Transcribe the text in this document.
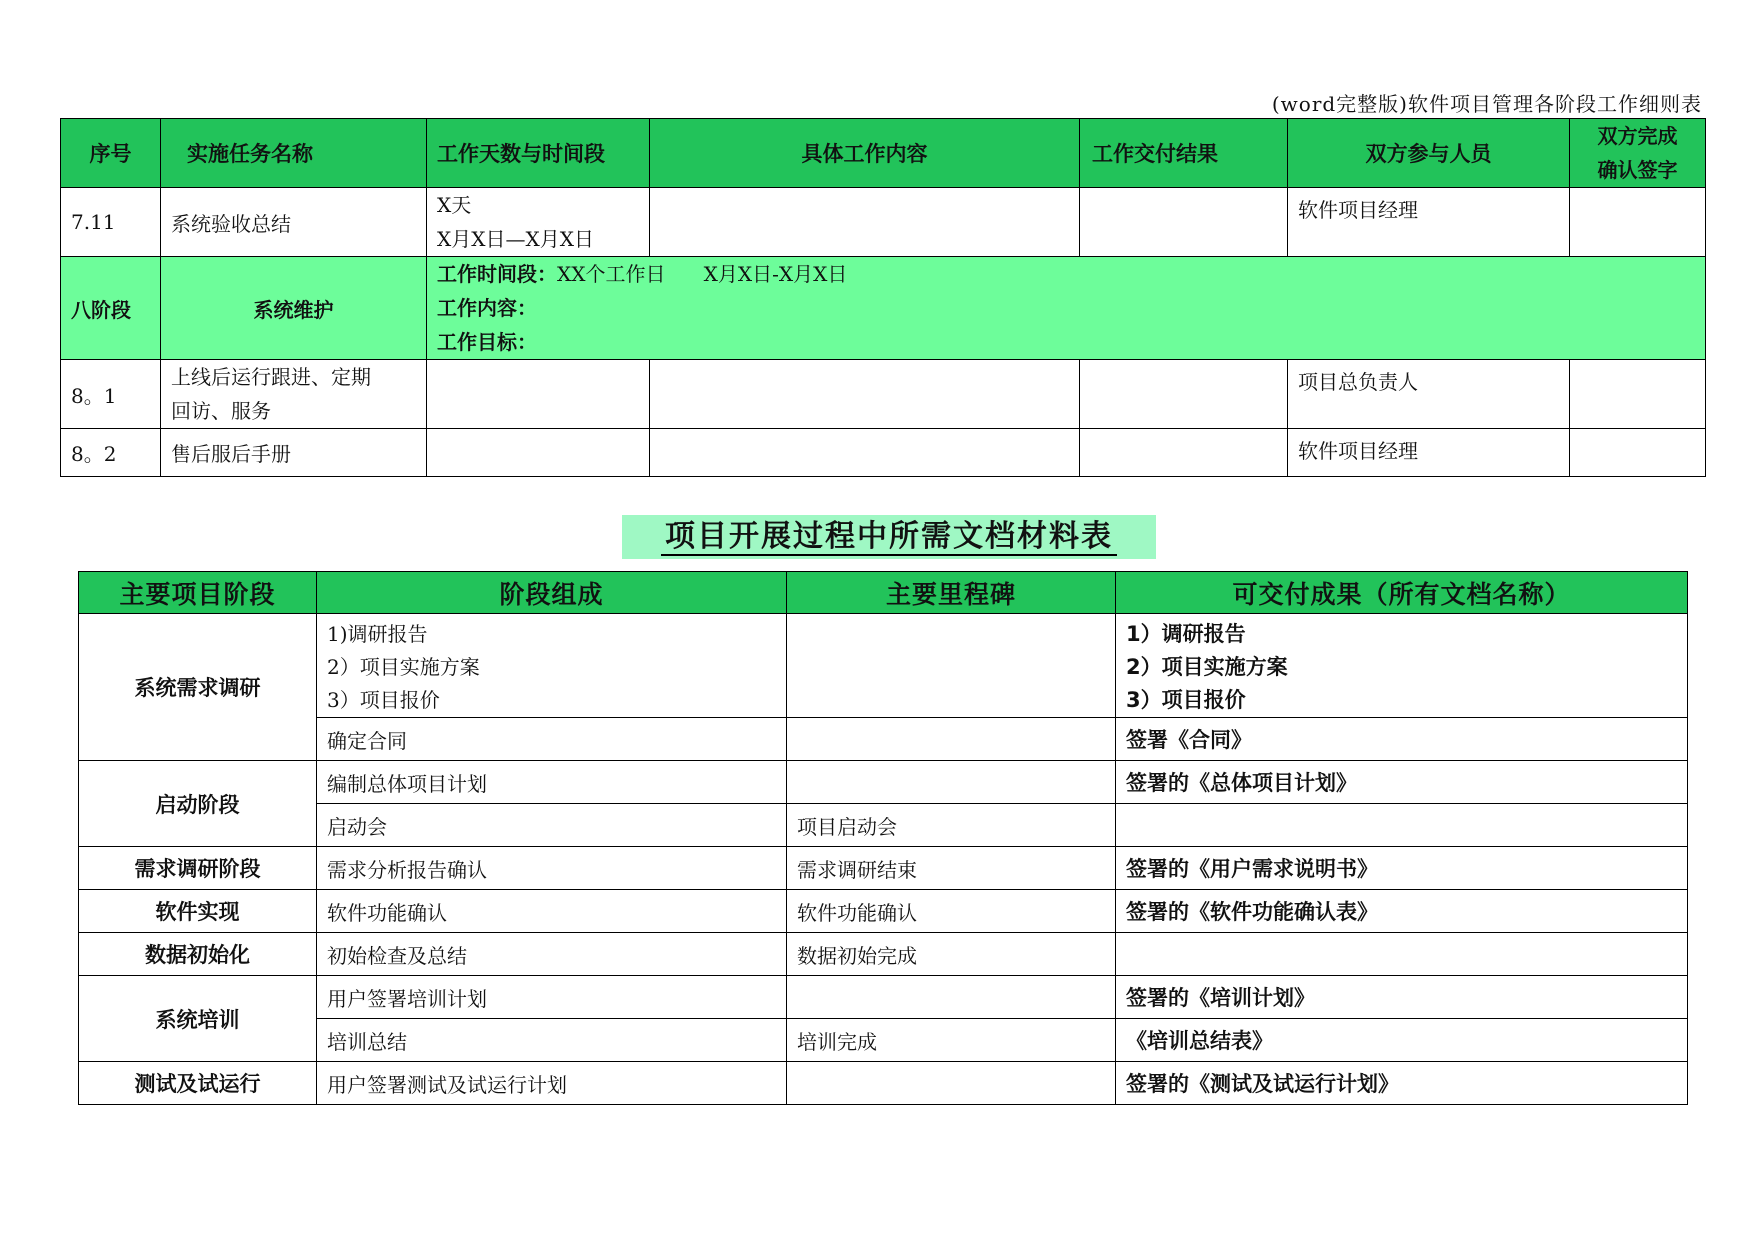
(word完整版)软件项目管理各阶段工作细则表
序号	实施任务名称	工作天数与时间段	具体工作内容	工作交付结果	双方参与人员	双方完成
确认签字

7.11	系统验收总结	X天
X月X日—X月X日			软件项目经理	
八阶段	系统维护	工作时间段：XX个工作日      X月X日-X月X日
工作内容：
工作目标：				

8。1	上线后运行跟进、定期
回访、服务				项目总负责人	
8。2	售后服后手册				软件项目经理	
项目开展过程中所需文档材料表
主要项目阶段	阶段组成	主要里程碑	可交付成果（所有文档名称）
系统需求调研	1)调研报告
2）项目实施方案
3）项目报价		1）调研报告
2）项目实施方案
3）项目报价

	确定合同		签署《合同》
启动阶段	编制总体项目计划		签署的《总体项目计划》
	启动会	项目启动会	
需求调研阶段	需求分析报告确认	需求调研结束	签署的《用户需求说明书》
软件实现	软件功能确认	软件功能确认	签署的《软件功能确认表》
数据初始化	初始检查及总结	数据初始完成	
系统培训	用户签署培训计划		签署的《培训计划》
	培训总结	培训完成	《培训总结表》
测试及试运行	用户签署测试及试运行计划		签署的《测试及试运行计划》
